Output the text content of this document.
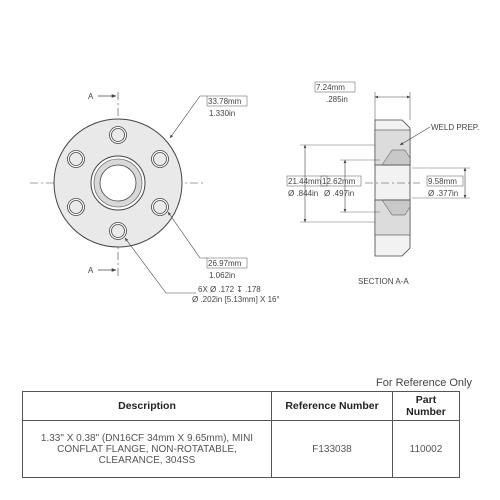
A
A
33.78mm
1.330in
26.97mm
1.062in
6X Ø .172 ↧ .178
Ø .202in [5.13mm] X 16°
7.24mm
.285in
WELD PREP.
21.44mm
Ø .844in
12.62mm
Ø .497in
9.58mm
Ø .377in
SECTION A-A
For Reference Only
Description	Reference Number	Part Number
1.33" X 0.38" (DN16CF 34mm X 9.65mm), MINI CONFLAT FLANGE, NON-ROTATABLE, CLEARANCE, 304SS	F133038	110002
